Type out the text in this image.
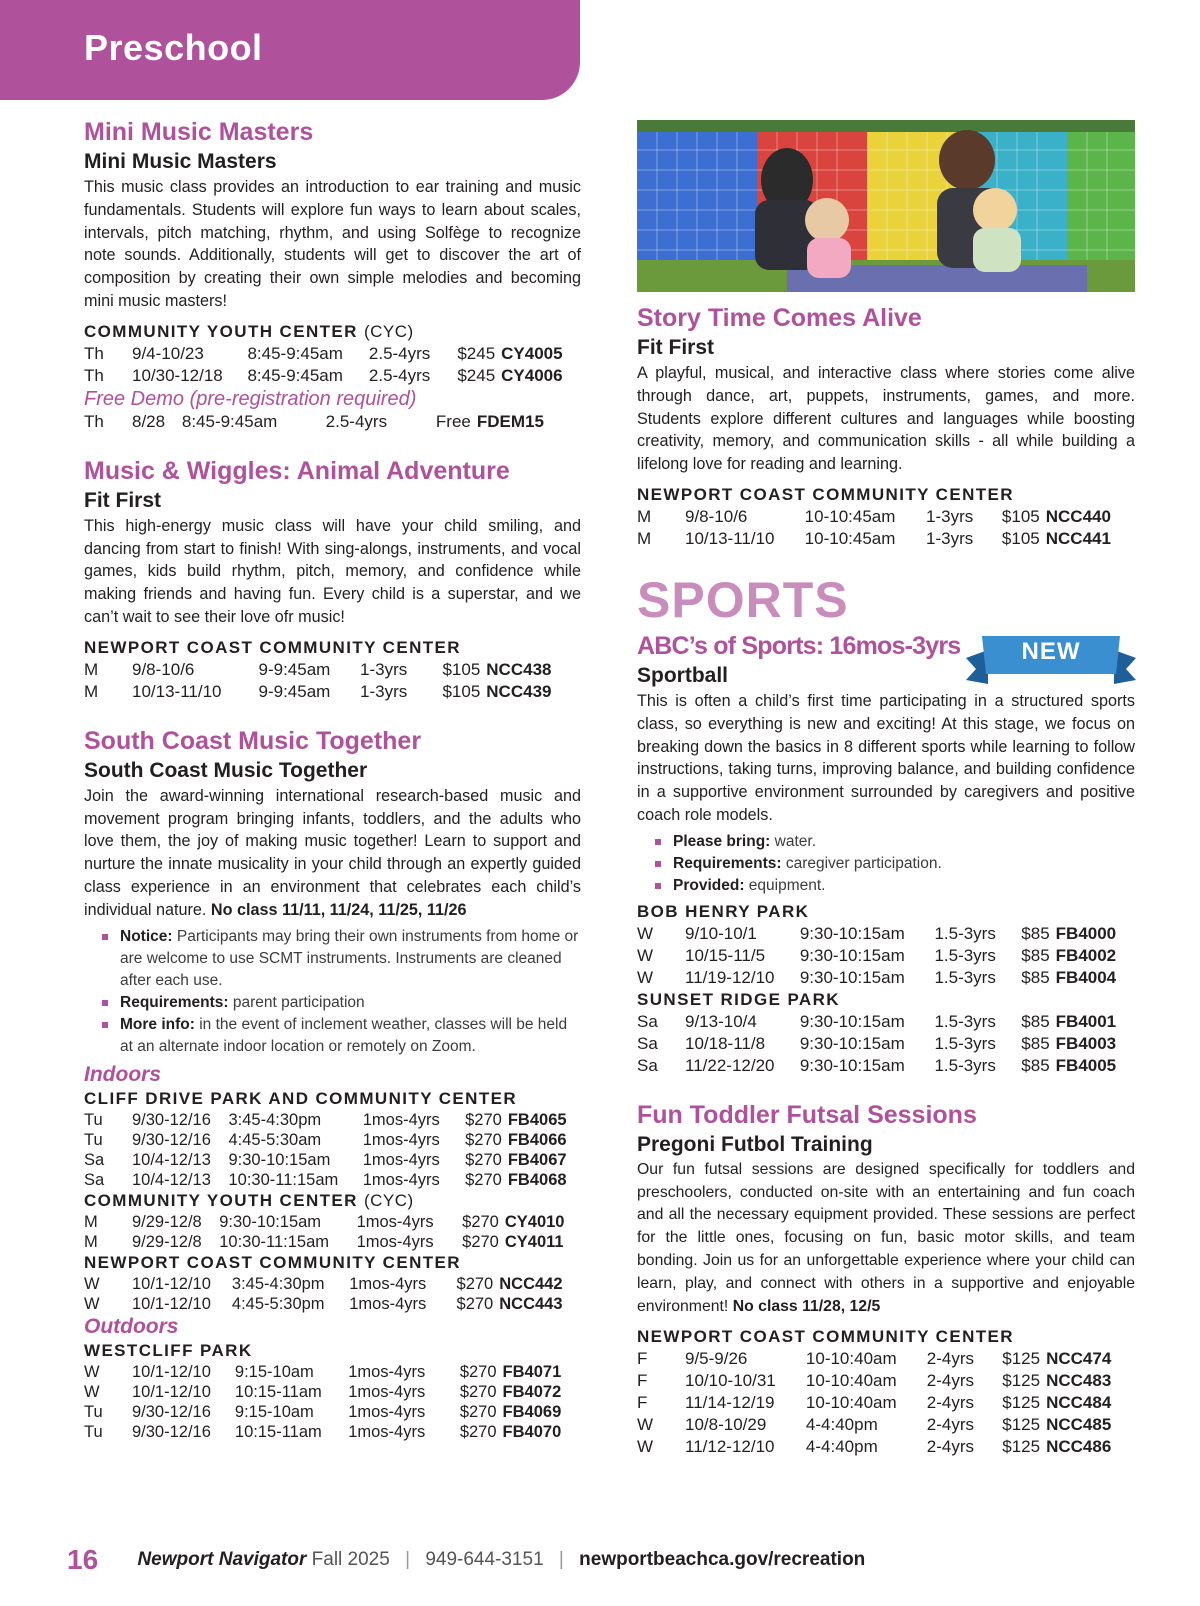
Preschool
Mini Music Masters

Mini Music Masters

This music class provides an introduction to ear training and music fundamentals. Students will explore fun ways to learn about scales, intervals, pitch matching, rhythm, and using Solfège to recognize note sounds. Additionally, students will get to discover the art of composition by creating their own simple melodies and becoming mini music masters!

COMMUNITY YOUTH CENTER (CYC)

Th	9/4-10/23	8:45-9:45am	2.5-4yrs	$245	CY4005
Th	10/30-12/18	8:45-9:45am	2.5-4yrs	$245	CY4006

Free Demo (pre-registration required)

Th	8/28	8:45-9:45am	2.5-4yrs	Free	FDEM15
Music & Wiggles: Animal Adventure

Fit First

This high-energy music class will have your child smiling, and dancing from start to finish! With sing-alongs, instruments, and vocal games, kids build rhythm, pitch, memory, and confidence while making friends and having fun. Every child is a superstar, and we can’t wait to see their love ofr music!

NEWPORT COAST COMMUNITY CENTER

M	9/8-10/6	9-9:45am	1-3yrs	$105	NCC438
M	10/13-11/10	9-9:45am	1-3yrs	$105	NCC439
South Coast Music Together

South Coast Music Together

Join the award-winning international research-based music and movement program bringing infants, toddlers, and the adults who love them, the joy of making music together! Learn to support and nurture the innate musicality in your child through an expertly guided class experience in an environment that celebrates each child’s individual nature. No class 11/11, 11/24, 11/25, 11/26

Notice: Participants may bring their own instruments from home or are welcome to use SCMT instruments. Instruments are cleaned after each use.
Requirements: parent participation
More info: in the event of inclement weather, classes will be held at an alternate indoor location or remotely on Zoom.

Indoors

CLIFF DRIVE PARK AND COMMUNITY CENTER

Tu	9/30-12/16	3:45-4:30pm	1mos-4yrs	$270	FB4065
Tu	9/30-12/16	4:45-5:30am	1mos-4yrs	$270	FB4066
Sa	10/4-12/13	9:30-10:15am	1mos-4yrs	$270	FB4067
Sa	10/4-12/13	10:30-11:15am	1mos-4yrs	$270	FB4068

COMMUNITY YOUTH CENTER (CYC)

M	9/29-12/8	9:30-10:15am	1mos-4yrs	$270	CY4010
M	9/29-12/8	10:30-11:15am	1mos-4yrs	$270	CY4011

NEWPORT COAST COMMUNITY CENTER

W	10/1-12/10	3:45-4:30pm	1mos-4yrs	$270	NCC442
W	10/1-12/10	4:45-5:30pm	1mos-4yrs	$270	NCC443

Outdoors

WESTCLIFF PARK

W	10/1-12/10	9:15-10am	1mos-4yrs	$270	FB4071
W	10/1-12/10	10:15-11am	1mos-4yrs	$270	FB4072
Tu	9/30-12/16	9:15-10am	1mos-4yrs	$270	FB4069
Tu	9/30-12/16	10:15-11am	1mos-4yrs	$270	FB4070
Story Time Comes Alive

Fit First

A playful, musical, and interactive class where stories come alive through dance, art, puppets, instruments, games, and more. Students explore different cultures and languages while boosting creativity, memory, and communication skills - all while building a lifelong love for reading and learning.

NEWPORT COAST COMMUNITY CENTER

M	9/8-10/6	10-10:45am	1-3yrs	$105	NCC440
M	10/13-11/10	10-10:45am	1-3yrs	$105	NCC441
SPORTS
NEW
ABC’s of Sports: 16mos-3yrs

Sportball

This is often a child’s first time participating in a structured sports class, so everything is new and exciting! At this stage, we focus on breaking down the basics in 8 different sports while learning to follow instructions, taking turns, improving balance, and building confidence in a supportive environment surrounded by caregivers and positive coach role models.

Please bring: water.
Requirements: caregiver participation.
Provided: equipment.

BOB HENRY PARK

W	9/10-10/1	9:30-10:15am	1.5-3yrs	$85	FB4000
W	10/15-11/5	9:30-10:15am	1.5-3yrs	$85	FB4002
W	11/19-12/10	9:30-10:15am	1.5-3yrs	$85	FB4004

SUNSET RIDGE PARK

Sa	9/13-10/4	9:30-10:15am	1.5-3yrs	$85	FB4001
Sa	10/18-11/8	9:30-10:15am	1.5-3yrs	$85	FB4003
Sa	11/22-12/20	9:30-10:15am	1.5-3yrs	$85	FB4005
Fun Toddler Futsal Sessions

Pregoni Futbol Training

Our fun futsal sessions are designed specifically for toddlers and preschoolers, conducted on-site with an entertaining and fun coach and all the necessary equipment provided. These sessions are perfect for the little ones, focusing on fun, basic motor skills, and team bonding. Join us for an unforgettable experience where your child can learn, play, and connect with others in a supportive and enjoyable environment! No class 11/28, 12/5

NEWPORT COAST COMMUNITY CENTER

F	9/5-9/26	10-10:40am	2-4yrs	$125	NCC474
F	10/10-10/31	10-10:40am	2-4yrs	$125	NCC483
F	11/14-12/19	10-10:40am	2-4yrs	$125	NCC484
W	10/8-10/29	4-4:40pm	2-4yrs	$125	NCC485
W	11/12-12/10	4-4:40pm	2-4yrs	$125	NCC486
16 Newport Navigator Fall 2025 | 949-644-3151 | newportbeachca.gov/recreation
